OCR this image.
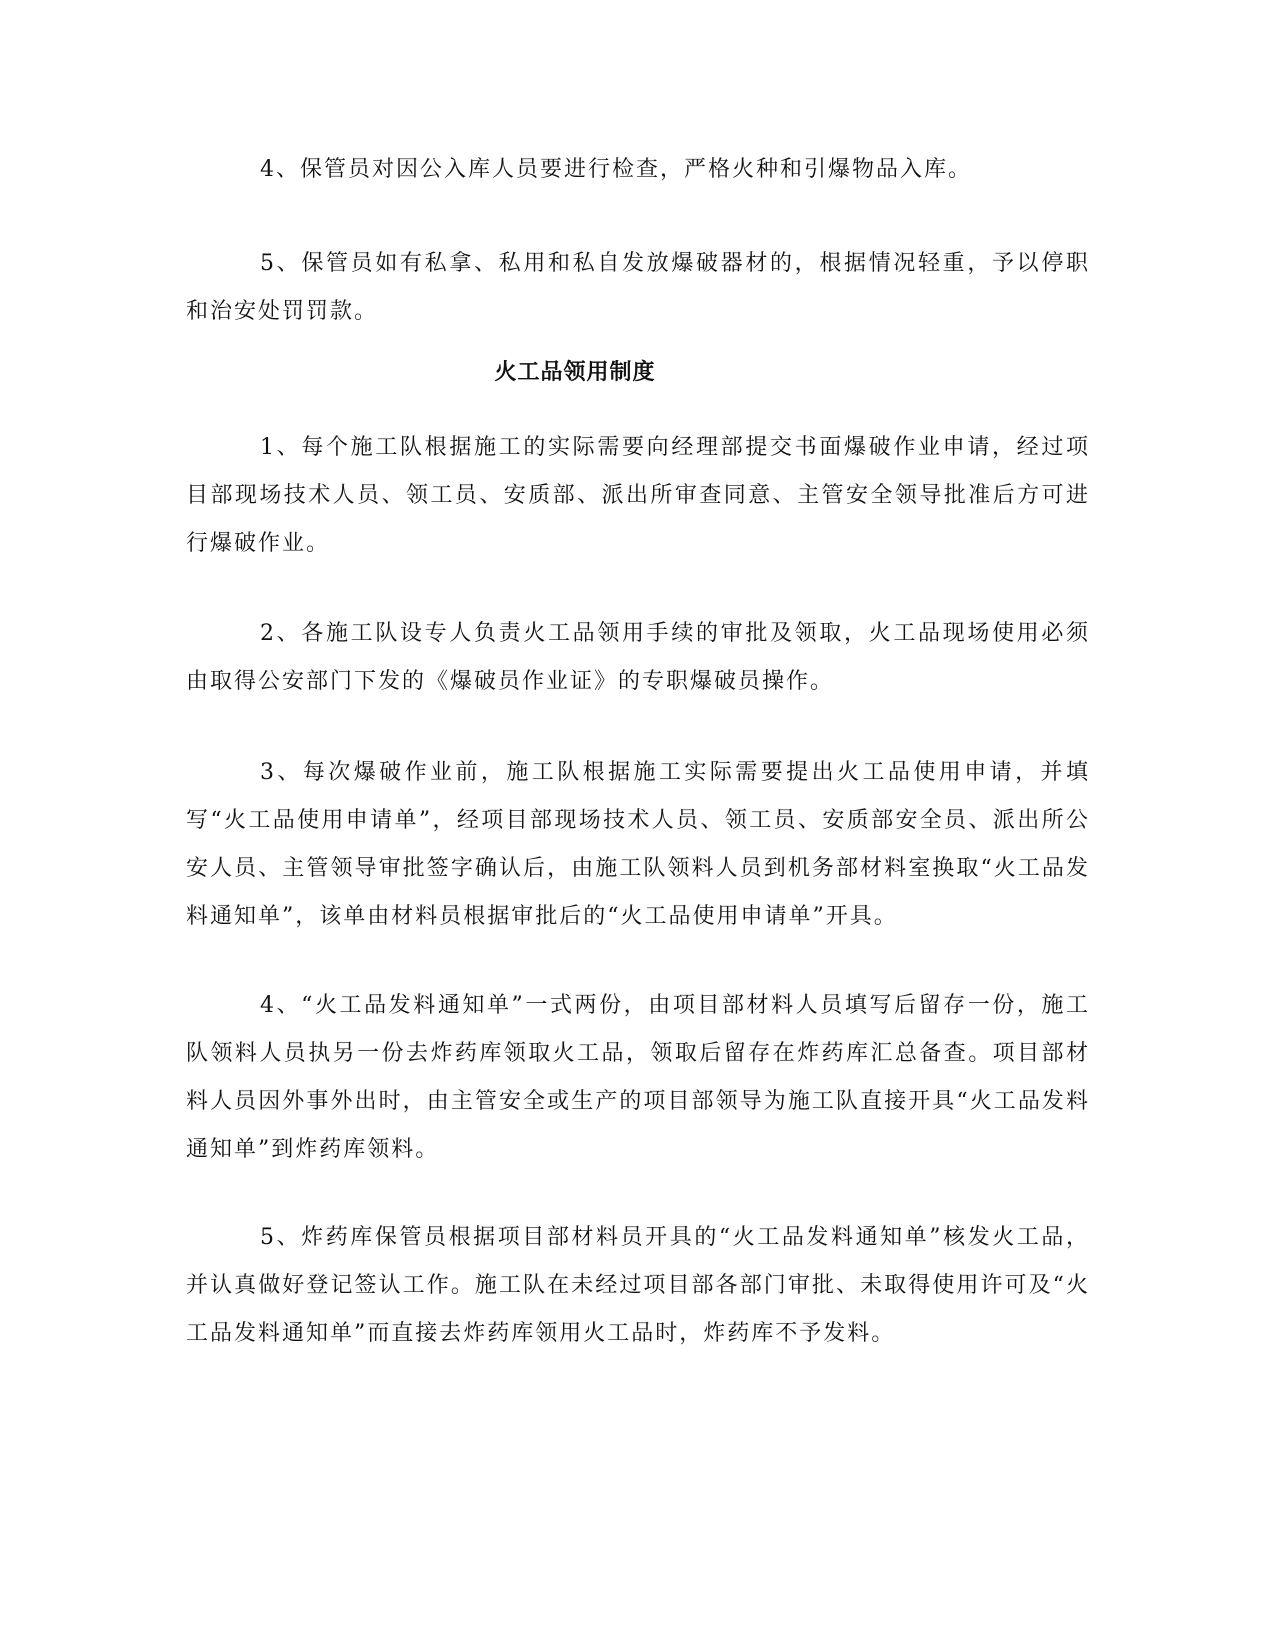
4、保管员对因公入库人员要进行检查，严格火种和引爆物品入库。

5、保管员如有私拿、私用和私自发放爆破器材的，根据情况轻重，予以停职和治安处罚罚款。

火工品领用制度

1、每个施工队根据施工的实际需要向经理部提交书面爆破作业申请，经过项目部现场技术人员、领工员、安质部、派出所审查同意、主管安全领导批准后方可进行爆破作业。

2、各施工队设专人负责火工品领用手续的审批及领取，火工品现场使用必须由取得公安部门下发的《爆破员作业证》的专职爆破员操作。

3、每次爆破作业前，施工队根据施工实际需要提出火工品使用申请，并填写“火工品使用申请单”，经项目部现场技术人员、领工员、安质部安全员、派出所公安人员、主管领导审批签字确认后，由施工队领料人员到机务部材料室换取“火工品发料通知单”，该单由材料员根据审批后的“火工品使用申请单”开具。

4、“火工品发料通知单”一式两份，由项目部材料人员填写后留存一份，施工队领料人员执另一份去炸药库领取火工品，领取后留存在炸药库汇总备查。项目部材料人员因外事外出时，由主管安全或生产的项目部领导为施工队直接开具“火工品发料通知单”到炸药库领料。

5、炸药库保管员根据项目部材料员开具的“火工品发料通知单”核发火工品，并认真做好登记签认工作。施工队在未经过项目部各部门审批、未取得使用许可及“火工品发料通知单”而直接去炸药库领用火工品时，炸药库不予发料。
